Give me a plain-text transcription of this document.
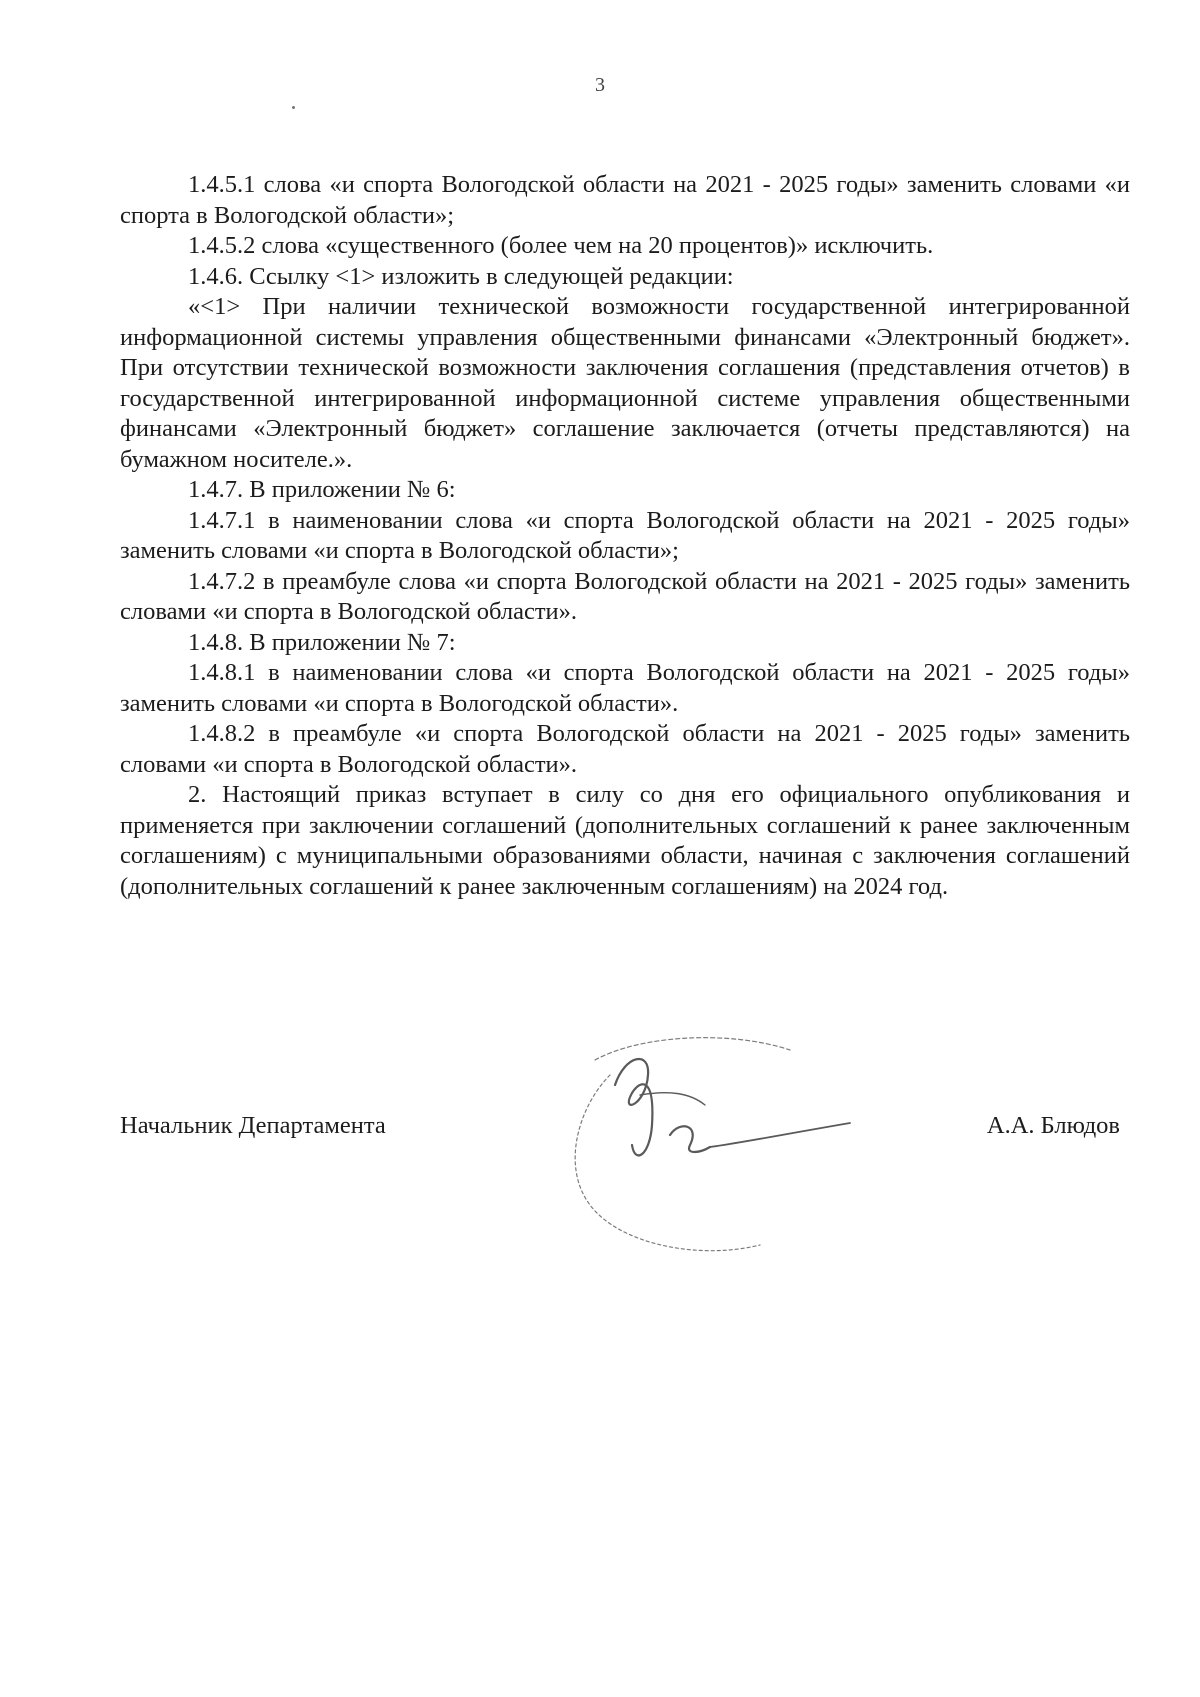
3

1.4.5.1 слова «и спорта Вологодской области на 2021 - 2025 годы» заменить словами «и спорта в Вологодской области»;

1.4.5.2 слова «существенного (более чем на 20 процентов)» исключить.

1.4.6. Ссылку <1> изложить в следующей редакции:

«<1> При наличии технической возможности государственной интегрированной информационной системы управления общественными финансами «Электронный бюджет». При отсутствии технической возможности заключения соглашения (представления отчетов) в государственной интегрированной информационной системе управления общественными финансами «Электронный бюджет» соглашение заключается (отчеты представляются) на бумажном носителе.».

1.4.7. В приложении № 6:

1.4.7.1 в наименовании слова «и спорта Вологодской области на 2021 - 2025 годы» заменить словами «и спорта в Вологодской области»;

1.4.7.2 в преамбуле слова «и спорта Вологодской области на 2021 - 2025 годы» заменить словами «и спорта в Вологодской области».

1.4.8. В приложении № 7:

1.4.8.1 в наименовании слова «и спорта Вологодской области на 2021 - 2025 годы» заменить словами «и спорта в Вологодской области».

1.4.8.2 в преамбуле «и спорта Вологодской области на 2021 - 2025 годы» заменить словами «и спорта в Вологодской области».

2. Настоящий приказ вступает в силу со дня его официального опубликования и применяется при заключении соглашений (дополнительных соглашений к ранее заключенным соглашениям) с муниципальными образованиями области, начиная с заключения соглашений (дополнительных соглашений к ранее заключенным соглашениям) на 2024 год.

Начальник Департамента	А.А. Блюдов
